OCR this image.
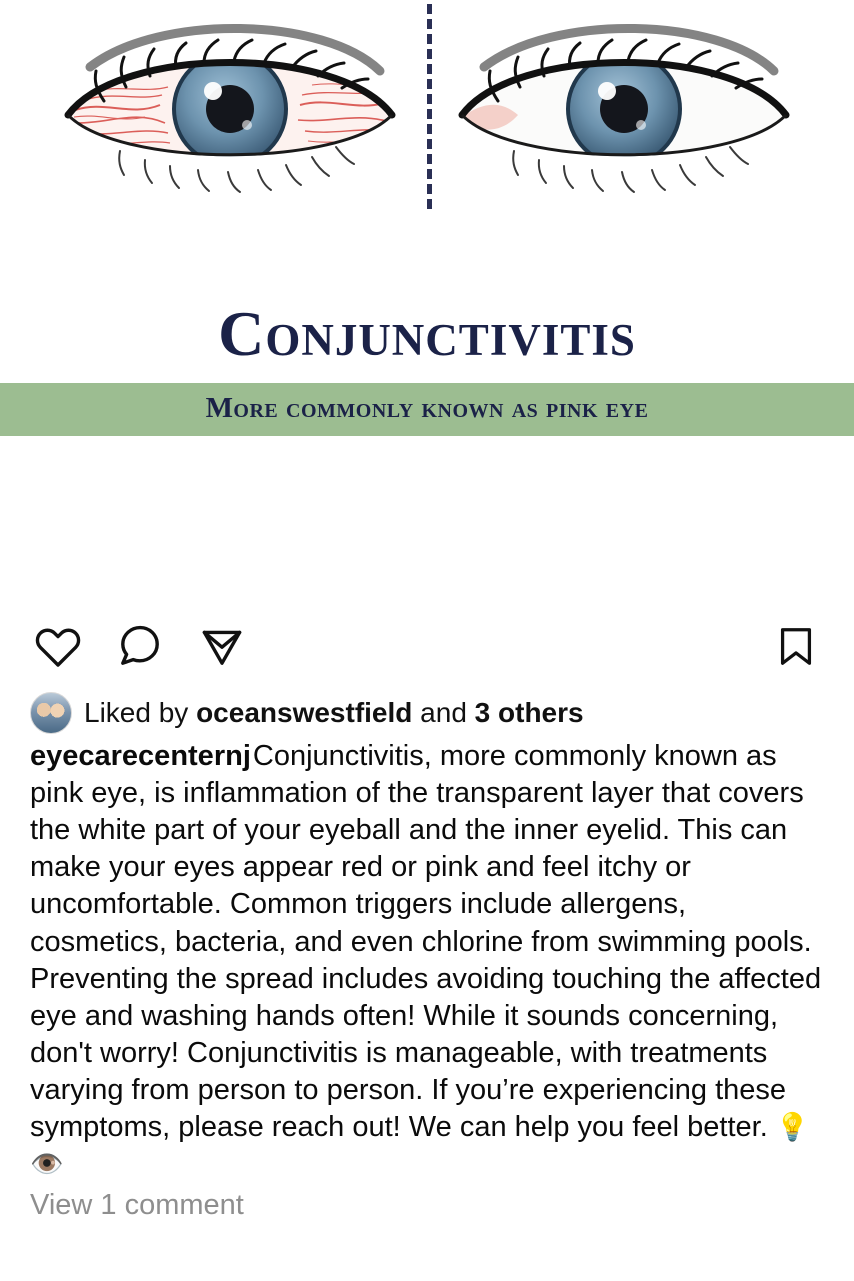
Conjunctivitis
More commonly known as pink eye
Liked by oceanswestfield and 3 others
eyecarecenternjConjunctivitis, more commonly known as pink eye, is inflammation of the transparent layer that covers the white part of your eyeball and the inner eyelid. This can make your eyes appear red or pink and feel itchy or uncomfortable. Common triggers include allergens, cosmetics, bacteria, and even chlorine from swimming pools. Preventing the spread includes avoiding touching the affected eye and washing hands often! While it sounds concerning, don't worry! Conjunctivitis is manageable, with treatments varying from person to person. If you’re experiencing these symptoms, please reach out! We can help you feel better. 💡 👁️
View 1 comment
